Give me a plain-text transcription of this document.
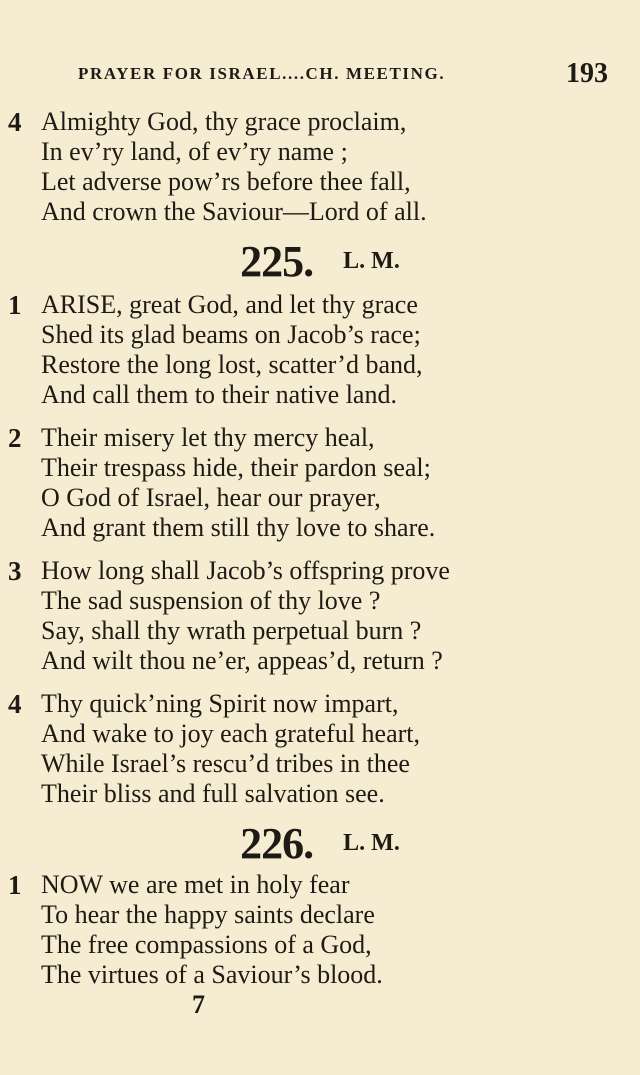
PRAYER FOR ISRAEL....CH. MEETING.	193
4 Almighty God, thy grace proclaim,
In ev’ry land, of ev’ry name ;
Let adverse pow’rs before thee fall,
And crown the Saviour—Lord of all.
225. L. M.
1 ARISE, great God, and let thy grace
Shed its glad beams on Jacob’s race;
Restore the long lost, scatter’d band,
And call them to their native land.
2 Their misery let thy mercy heal,
Their trespass hide, their pardon seal;
O God of Israel, hear our prayer,
And grant them still thy love to share.
3 How long shall Jacob’s offspring prove
The sad suspension of thy love ?
Say, shall thy wrath perpetual burn ?
And wilt thou ne’er, appeas’d, return ?
4 Thy quick’ning Spirit now impart,
And wake to joy each grateful heart,
While Israel’s rescu’d tribes in thee
Their bliss and full salvation see.
226. L. M.
1 NOW we are met in holy fear
To hear the happy saints declare
The free compassions of a God,
The virtues of a Saviour’s blood.
7
